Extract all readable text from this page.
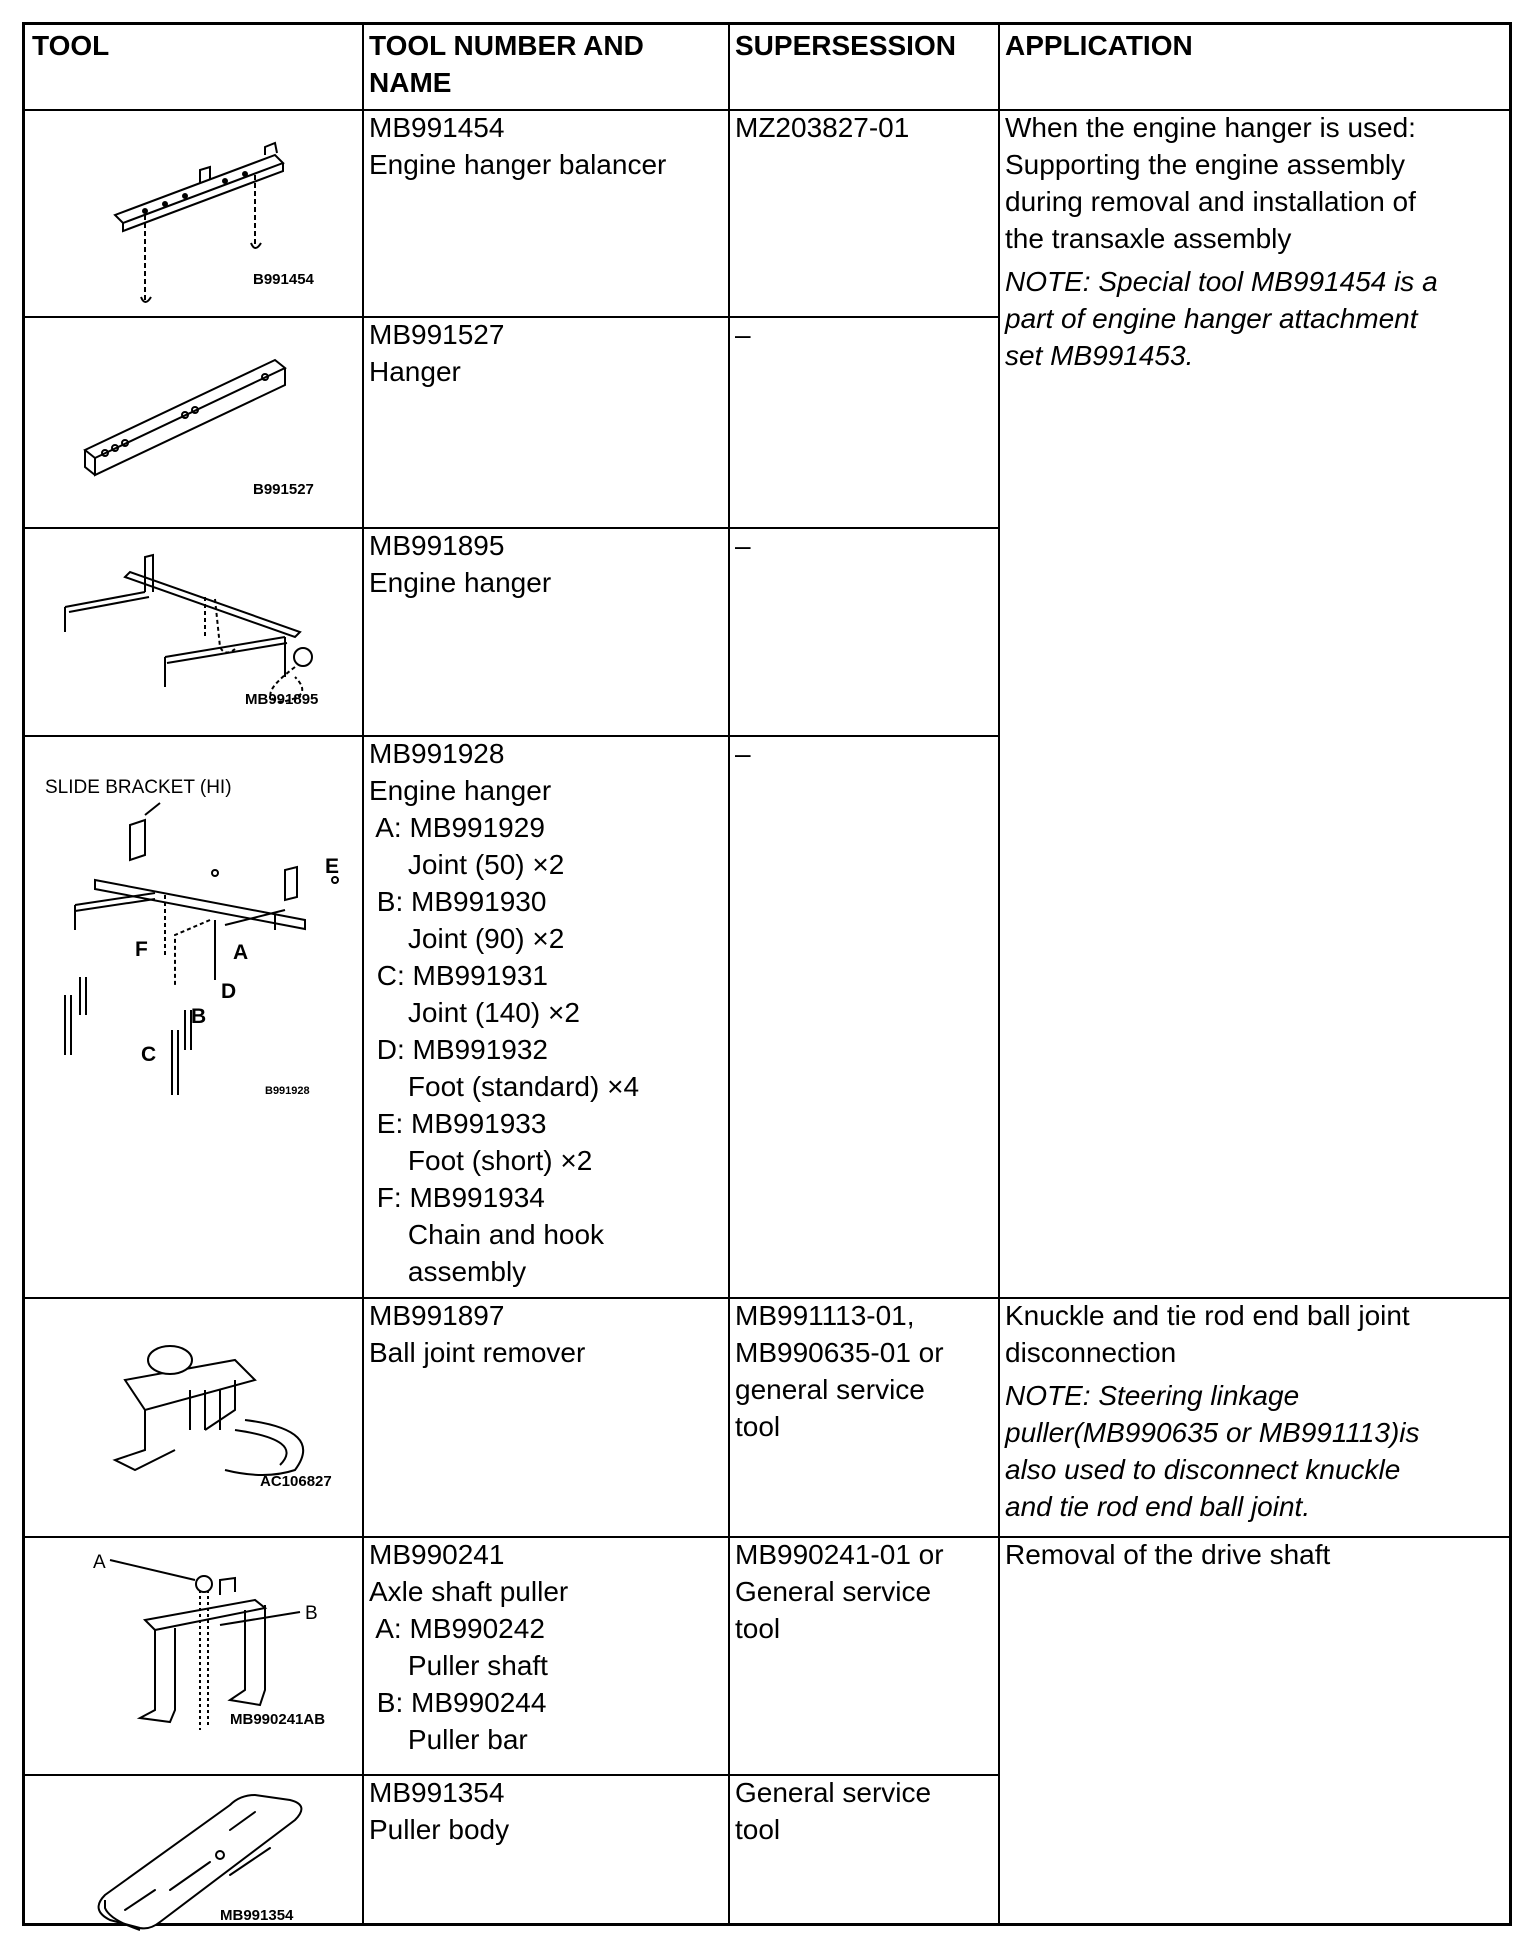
TOOL	TOOL NUMBER AND
NAME
SUPERSESSION APPLICATION
B991454
MB991454
Engine hanger balancer
MZ203827-01
B991527
MB991527
Hanger
–
MB991895
MB991895
Engine hanger
–
SLIDE BRACKET (HI)
E
F	A
D
B
C
B991928
MB991928
Engine hanger
A: MB991929
Joint (50) ×2
B: MB991930
Joint (90) ×2
C: MB991931
Joint (140) ×2
D: MB991932
Foot (standard) ×4
E: MB991933
Foot (short) ×2
F: MB991934
Chain and hook
assembly
–
AC106827
MB991897
Ball joint remover
MB991113-01,
MB990635-01 or
general service
tool
A
B
MB990241AB
MB990241
Axle shaft puller
A: MB990242
Puller shaft
B: MB990244
Puller bar
MB990241-01 or
General service
tool
MB991354
MB991354
Puller body
General service
tool
When the engine hanger is used:
Supporting the engine assembly
during removal and installation of
the transaxle assembly
NOTE: Special tool MB991454 is a
part of engine hanger attachment
set MB991453.
Knuckle and tie rod end ball joint
disconnection
NOTE: Steering linkage
puller(MB990635 or MB991113)is
also used to disconnect knuckle
and tie rod end ball joint.
Removal of the drive shaft
